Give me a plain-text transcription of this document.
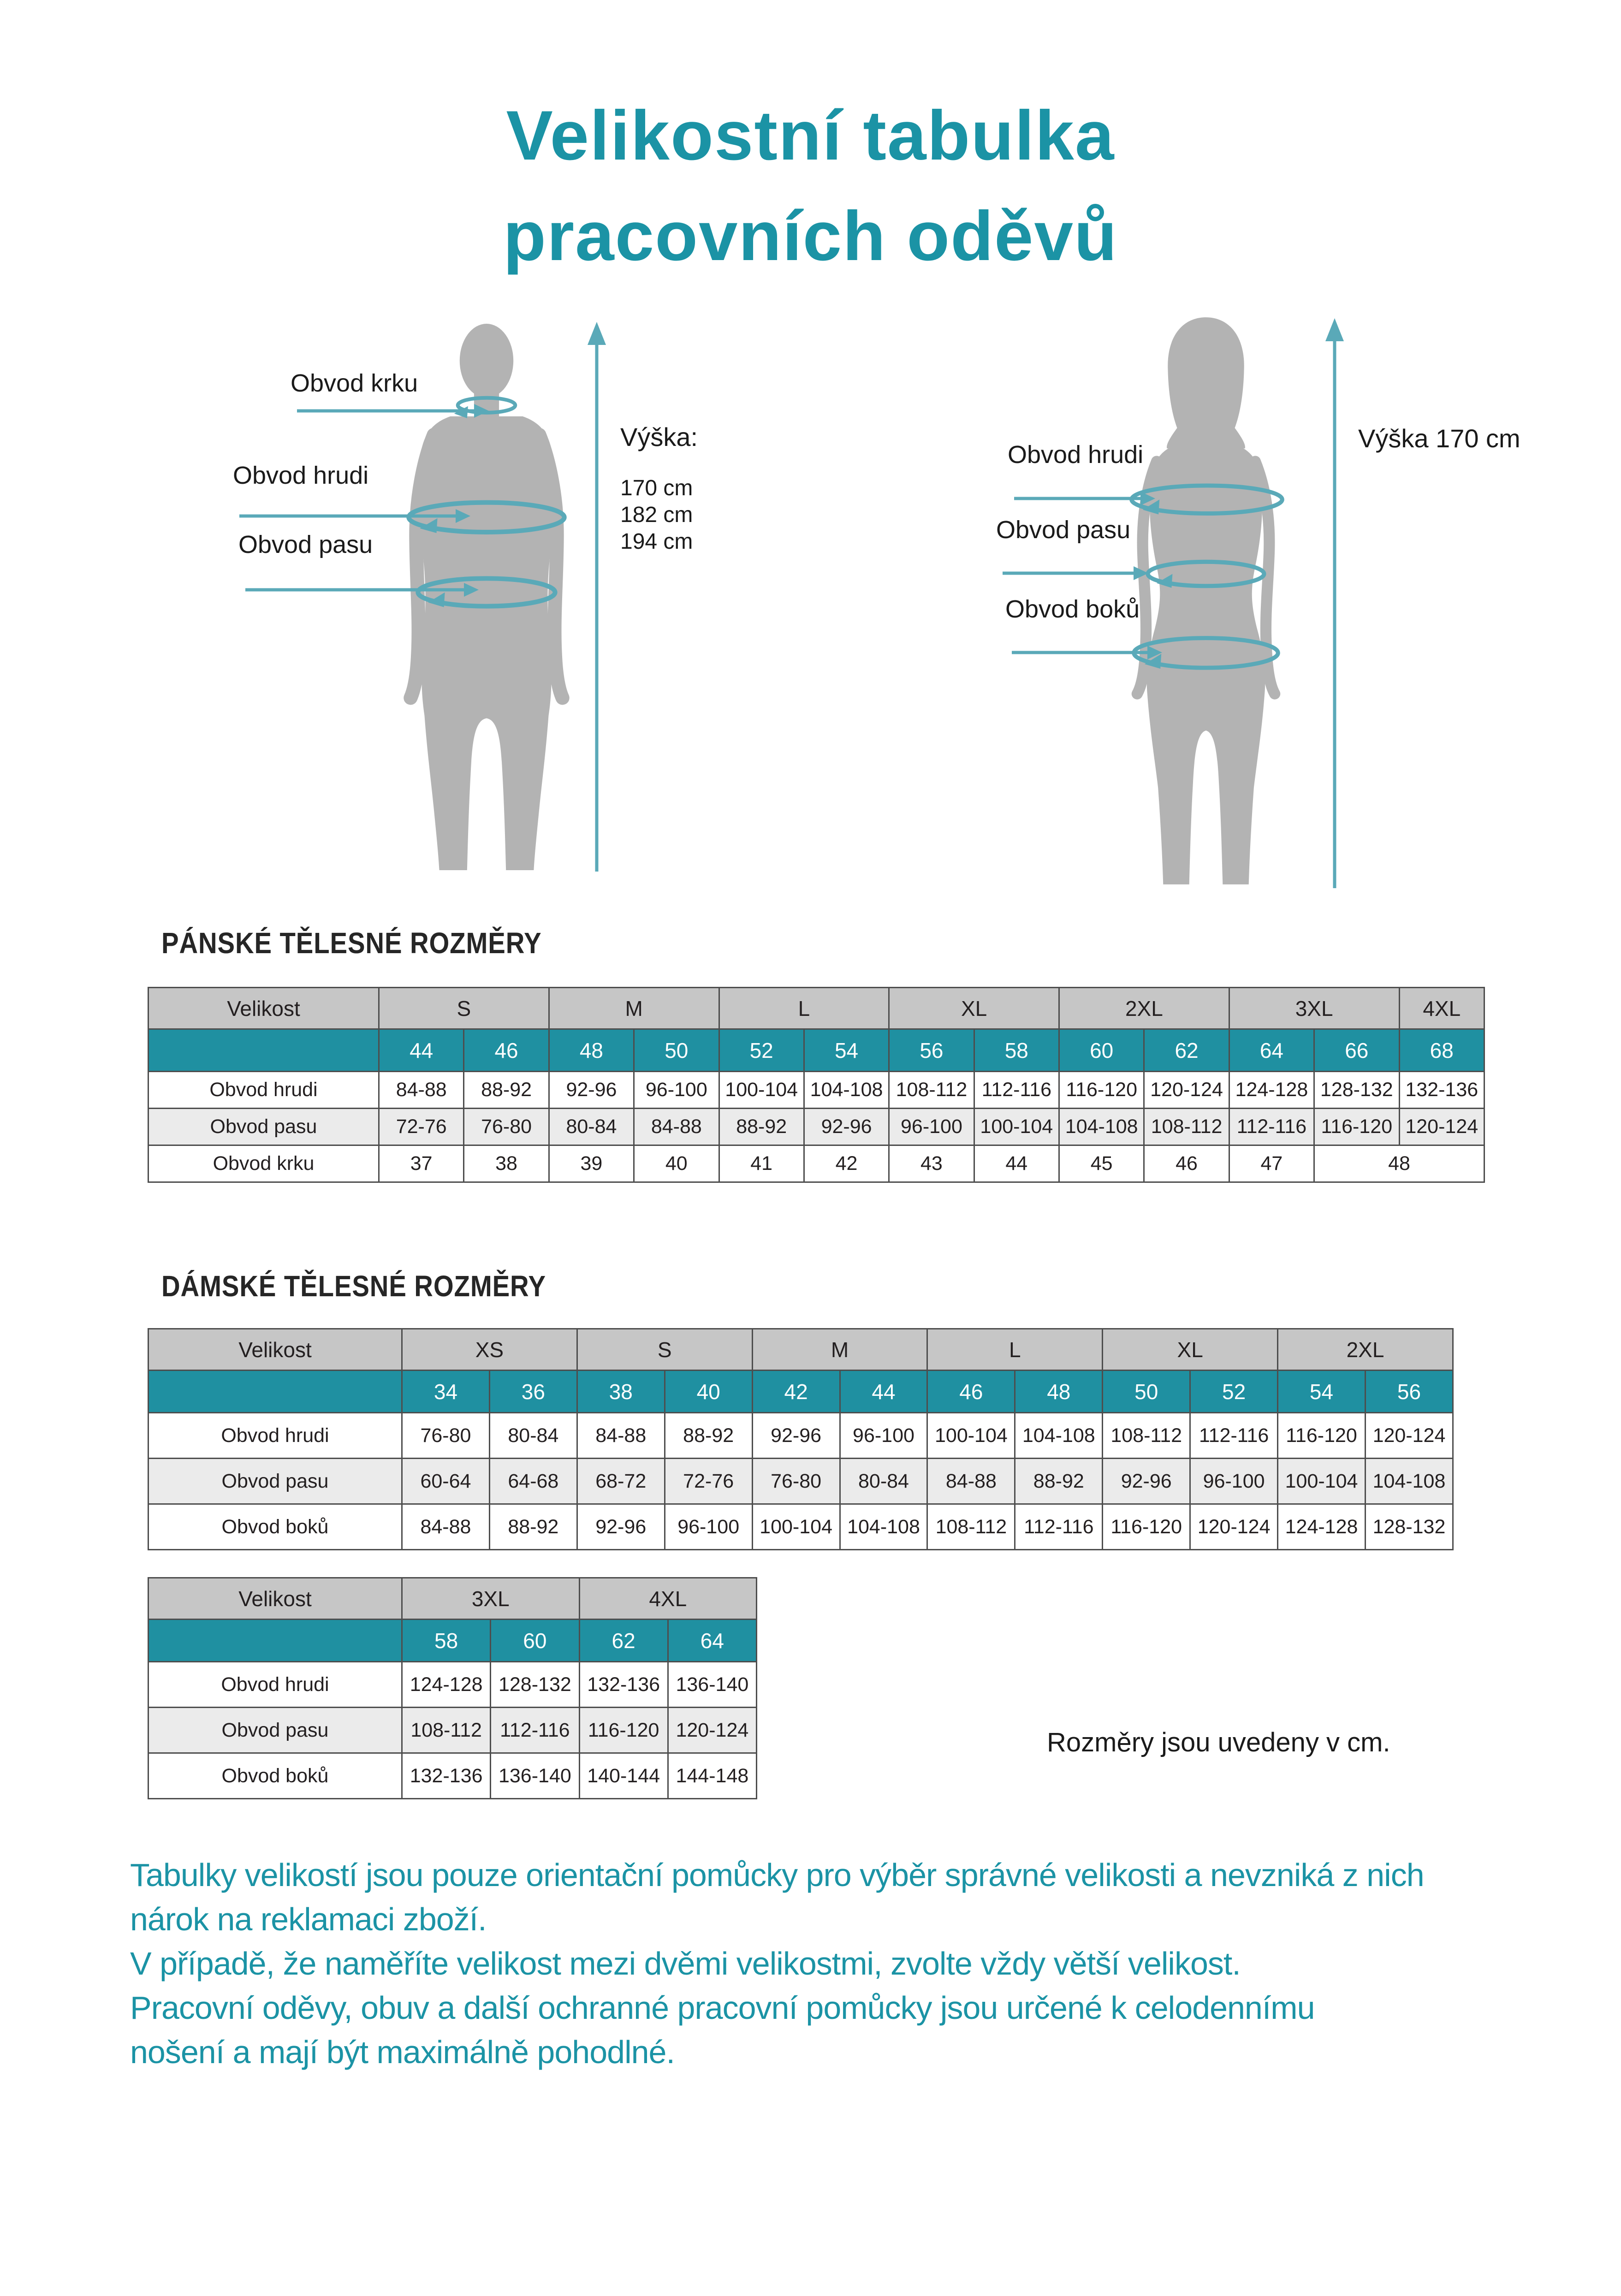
Velikostní tabulka
pracovních oděvů
Obvod krku
Obvod hrudi
Obvod pasu
Výška:
170 cm
182 cm
194 cm
Výška 170 cm
Obvod hrudi
Obvod pasu
Obvod boků
PÁNSKÉ TĚLESNÉ ROZMĚRY
Velikost	S		M		L		XL		2XL		3XL		4XL
	44	46	48	50	52	54	56	58	60	62	64	66	68
Obvod hrudi	84-88	88-92	92-96	96-100	100-104	104-108	108-112	112-116	116-120	120-124	124-128	128-132	132-136
Obvod pasu	72-76	76-80	80-84	84-88	88-92	92-96	96-100	100-104	104-108	108-112	112-116	116-120	120-124
Obvod krku	37	38	39	40	41	42	43	44	45	46	47	48	
DÁMSKÉ TĚLESNÉ ROZMĚRY
Velikost	XS		S		M		L		XL		2XL	
	34	36	38	40	42	44	46	48	50	52	54	56
Obvod hrudi	76-80	80-84	84-88	88-92	92-96	96-100	100-104	104-108	108-112	112-116	116-120	120-124
Obvod pasu	60-64	64-68	68-72	72-76	76-80	80-84	84-88	88-92	92-96	96-100	100-104	104-108
Obvod boků	84-88	88-92	92-96	96-100	100-104	104-108	108-112	112-116	116-120	120-124	124-128	128-132
Velikost	3XL		4XL	
	58	60	62	64
Obvod hrudi	124-128	128-132	132-136	136-140
Obvod pasu	108-112	112-116	116-120	120-124
Obvod boků	132-136	136-140	140-144	144-148
Rozměry jsou uvedeny v cm.
Tabulky velikostí jsou pouze orientační pomůcky pro výběr správné velikosti a nevzniká z nich
nárok na reklamaci zboží.
V případě, že naměříte velikost mezi dvěmi velikostmi, zvolte vždy větší velikost.
Pracovní oděvy, obuv a další ochranné pracovní pomůcky jsou určené k celodennímu
nošení a mají být maximálně pohodlné.
